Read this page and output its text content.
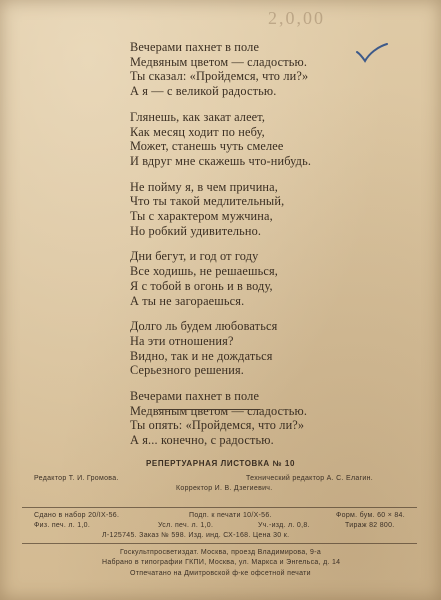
2,0,00
Вечерами пахнет в поле
Медвяным цветом — сладостью.
Ты сказал: «Пройдемся, что ли?»
А я — с великой радостью.
Глянешь, как закат алеет,
Как месяц ходит по небу,
Может, станешь чуть смелее
И вдруг мне скажешь что-нибудь.
Не пойму я, в чем причина,
Что ты такой медлительный,
Ты с характером мужчина,
Но робкий удивительно.
Дни бегут, и год от году
Все ходишь, не решаешься,
Я с тобой в огонь и в воду,
А ты не загораешься.
Долго ль будем любоваться
На эти отношения?
Видно, так и не дождаться
Серьезного решения.
Вечерами пахнет в поле
Медвяным цветом — сладостью.
Ты опять: «Пройдемся, что ли?»
А я... конечно, с радостью.
РЕПЕРТУАРНАЯ ЛИСТОВКА № 10
Редактор Т. И. Громова.	Технический редактор А. С. Елагин.
Корректор И. В. Дзегиевич.
Сдано в набор 20/IX-56.	Подп. к печати 10/X-56.	Форм. бум. 60 × 84.
Физ. печ. л. 1,0.	Усл. печ. л. 1,0.	Уч.-изд. л. 0,8.	Тираж 82 800.
Л-125745. Заказ № 598. Изд. инд. СХ-168. Цена 30 к.
Госкультпросветиздат. Москва, проезд Владимирова, 9-а
Набрано в типографии ГКПИ, Москва, ул. Маркса и Энгельса, д. 14
Отпечатано на Дмитровской ф-ке офсетной печати
